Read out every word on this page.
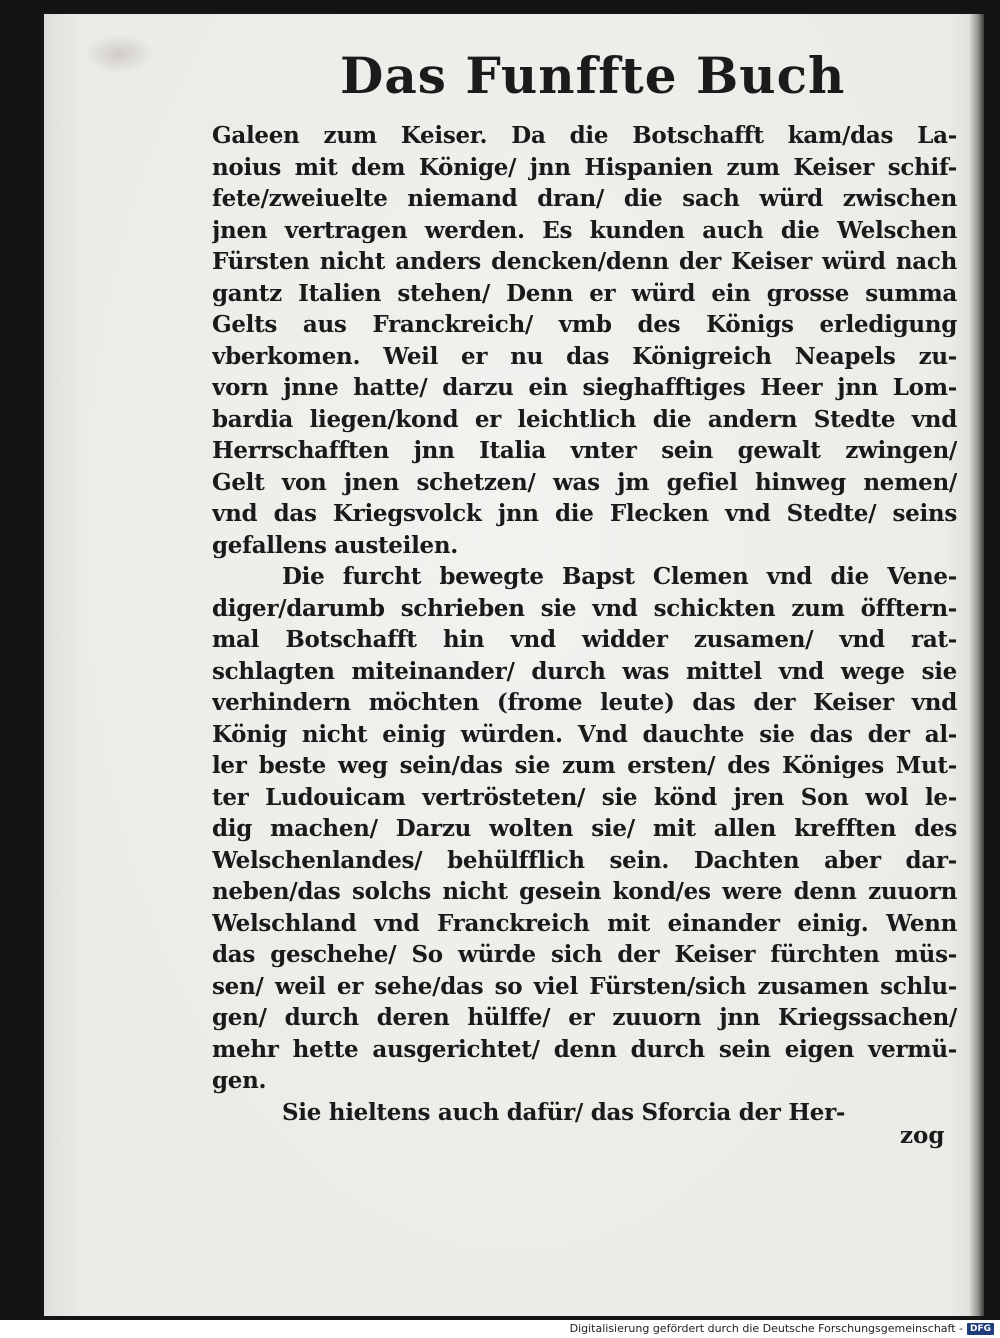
Das Funffte Buch
Galeen zum Keiser. Da die Botschafft kam/das La-
noius mit dem Könige/ jnn Hispanien zum Keiser schif-
fete/zweiuelte niemand dran/ die sach würd zwischen
jnen vertragen werden. Es kunden auch die Welschen
Fürsten nicht anders dencken/denn der Keiser würd nach
gantz Italien stehen/ Denn er würd ein grosse summa
Gelts aus Franckreich/ vmb des Königs erledigung
vberkomen. Weil er nu das Königreich Neapels zu-
vorn jnne hatte/ darzu ein sieghafftiges Heer jnn Lom-
bardia liegen/kond er leichtlich die andern Stedte vnd
Herrschafften jnn Italia vnter sein gewalt zwingen/
Gelt von jnen schetzen/ was jm gefiel hinweg nemen/
vnd das Kriegsvolck jnn die Flecken vnd Stedte/ seins
gefallens austeilen.
Die furcht bewegte Bapst Clemen vnd die Vene-
diger/darumb schrieben sie vnd schickten zum öfftern-
mal Botschafft hin vnd widder zusamen/ vnd rat-
schlagten miteinander/ durch was mittel vnd wege sie
verhindern möchten (frome leute) das der Keiser vnd
König nicht einig würden. Vnd dauchte sie das der al-
ler beste weg sein/das sie zum ersten/ des Königes Mut-
ter Ludouicam vertrösteten/ sie könd jren Son wol le-
dig machen/ Darzu wolten sie/ mit allen krefften des
Welschenlandes/ behülfflich sein. Dachten aber dar-
neben/das solchs nicht gesein kond/es were denn zuuorn
Welschland vnd Franckreich mit einander einig. Wenn
das geschehe/ So würde sich der Keiser fürchten müs-
sen/ weil er sehe/das so viel Fürsten/sich zusamen schlu-
gen/ durch deren hülffe/ er zuuorn jnn Kriegssachen/
mehr hette ausgerichtet/ denn durch sein eigen vermü-
gen.
Sie hieltens auch dafür/ das Sforcia der Her-
zog
Digitalisierung gefördert durch die Deutsche Forschungsgemeinschaft - DFG
